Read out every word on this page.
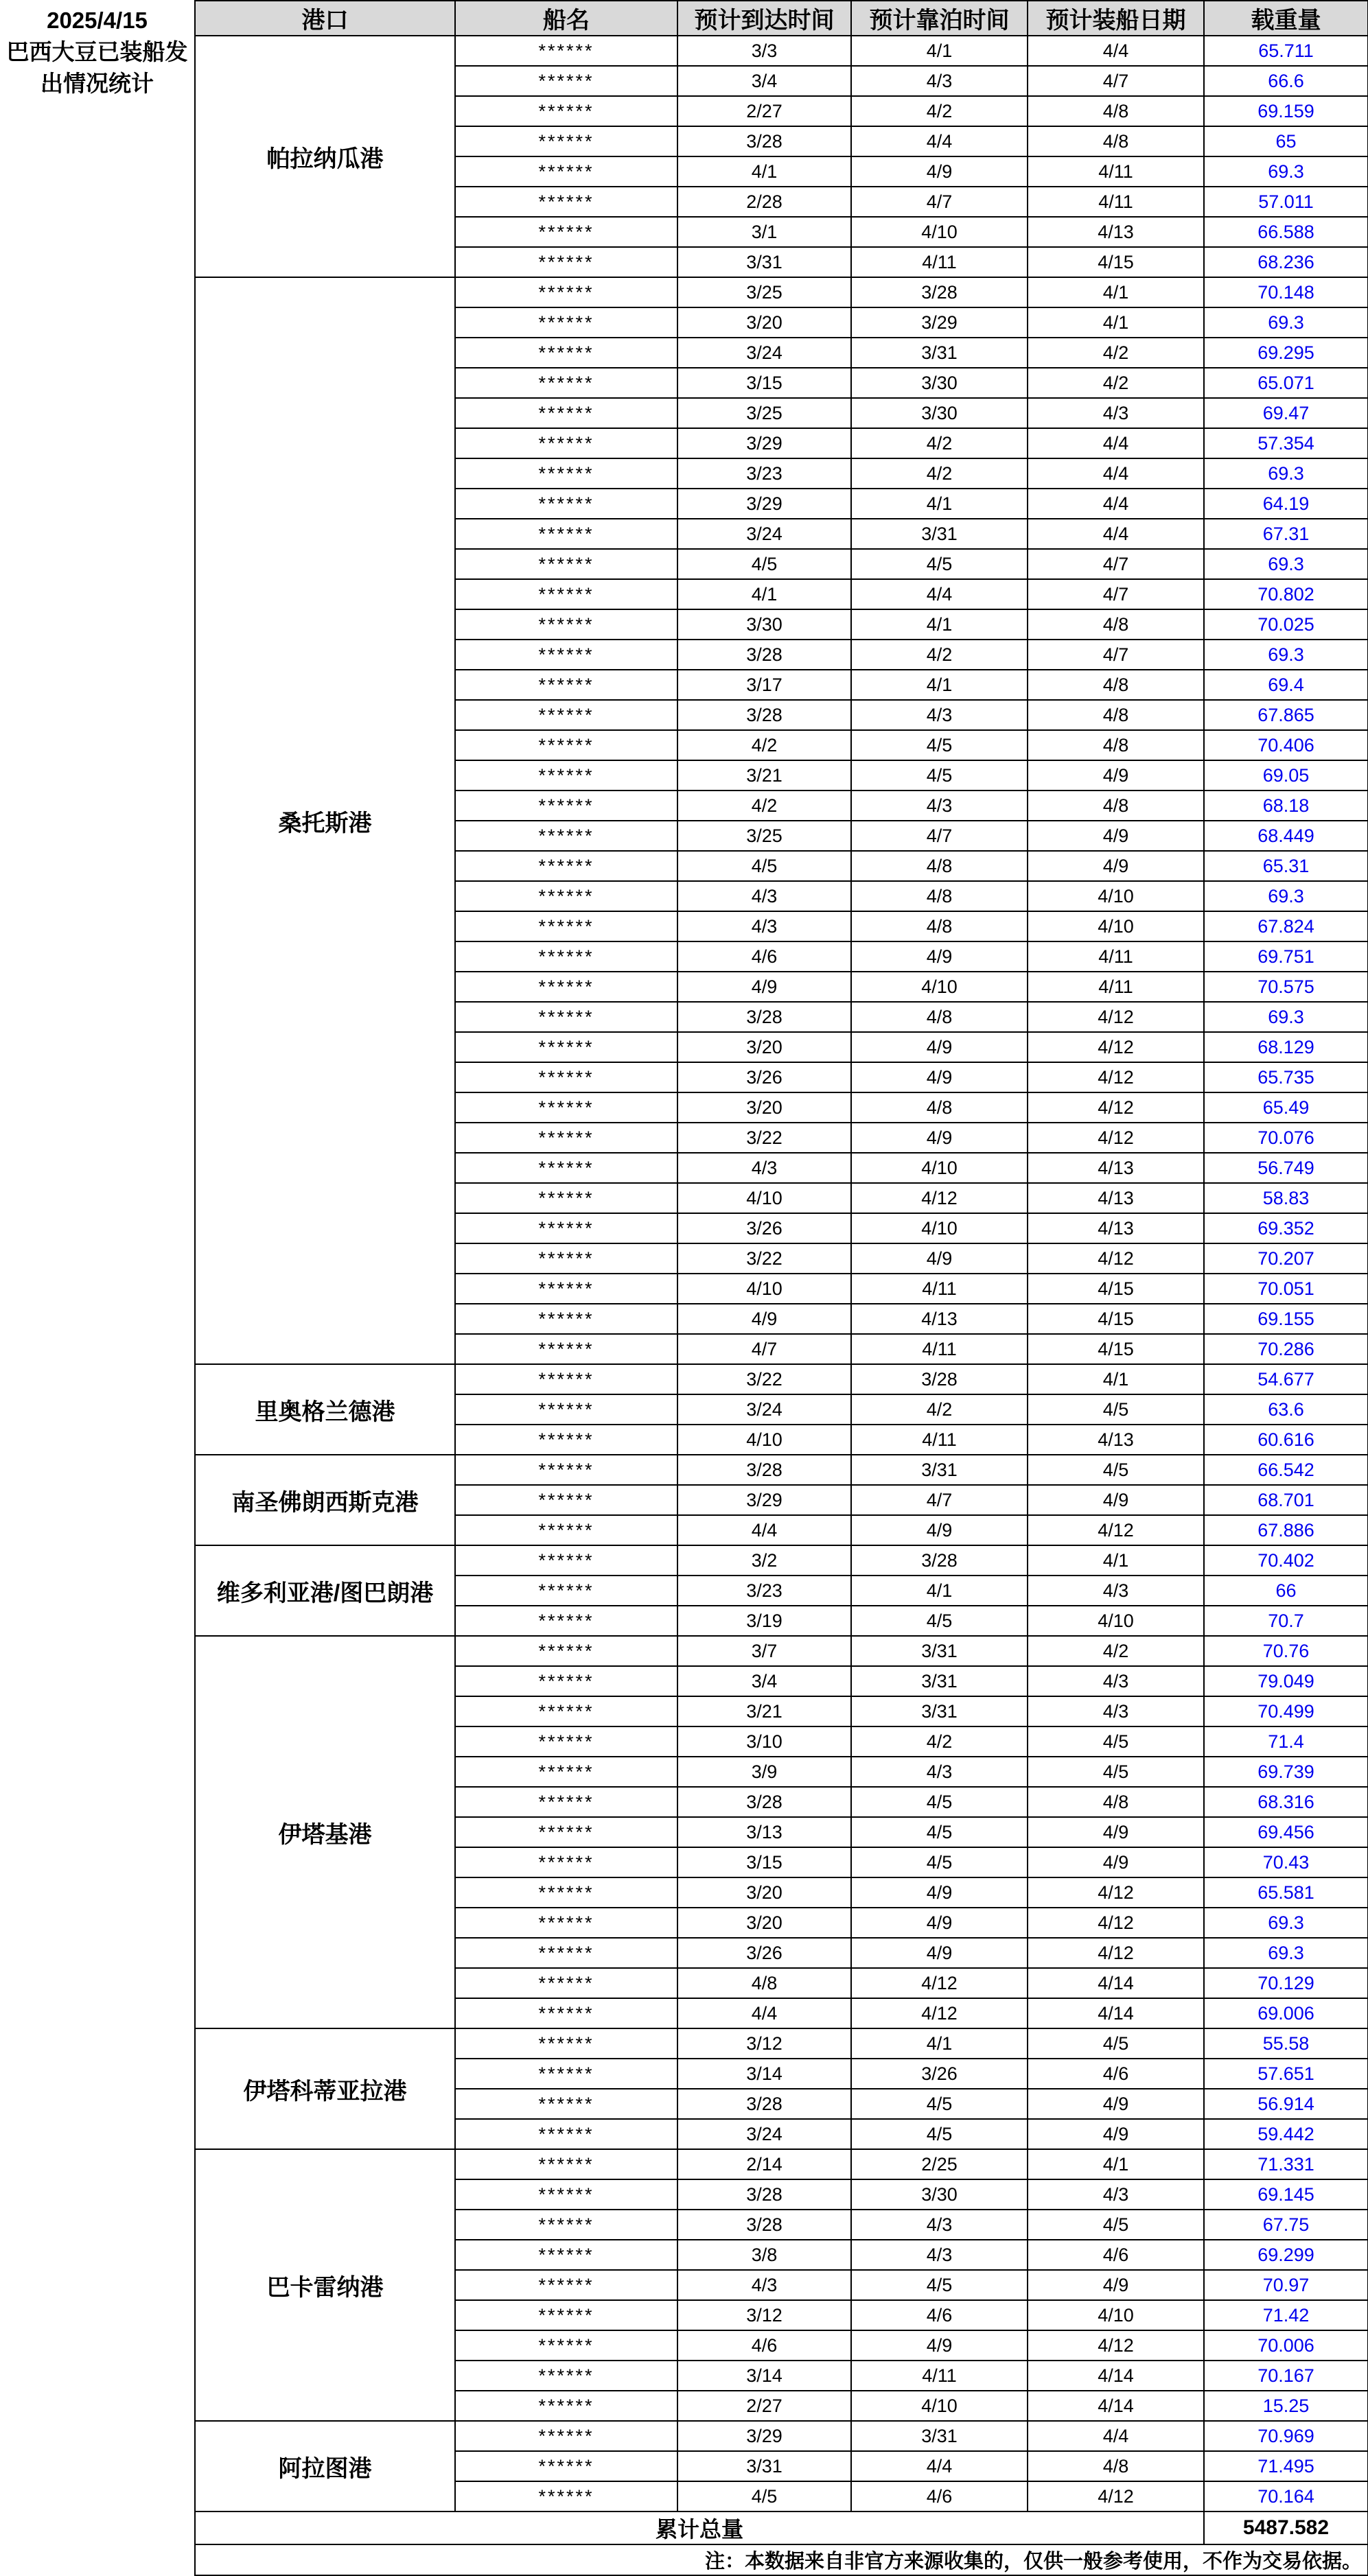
2025/4/15
巴西大豆已装船发
出情况统计	港口	船名	预计到达时间	预计靠泊时间	预计装船日期	载重量
	帕拉纳瓜港	******	3/3	4/1	4/4	65.711
		******	3/4	4/3	4/7	66.6
		******	2/27	4/2	4/8	69.159
		******	3/28	4/4	4/8	65
		******	4/1	4/9	4/11	69.3
		******	2/28	4/7	4/11	57.011
		******	3/1	4/10	4/13	66.588
		******	3/31	4/11	4/15	68.236
	桑托斯港	******	3/25	3/28	4/1	70.148
		******	3/20	3/29	4/1	69.3
		******	3/24	3/31	4/2	69.295
		******	3/15	3/30	4/2	65.071
		******	3/25	3/30	4/3	69.47
		******	3/29	4/2	4/4	57.354
		******	3/23	4/2	4/4	69.3
		******	3/29	4/1	4/4	64.19
		******	3/24	3/31	4/4	67.31
		******	4/5	4/5	4/7	69.3
		******	4/1	4/4	4/7	70.802
		******	3/30	4/1	4/8	70.025
		******	3/28	4/2	4/7	69.3
		******	3/17	4/1	4/8	69.4
		******	3/28	4/3	4/8	67.865
		******	4/2	4/5	4/8	70.406
		******	3/21	4/5	4/9	69.05
		******	4/2	4/3	4/8	68.18
		******	3/25	4/7	4/9	68.449
		******	4/5	4/8	4/9	65.31
		******	4/3	4/8	4/10	69.3
		******	4/3	4/8	4/10	67.824
		******	4/6	4/9	4/11	69.751
		******	4/9	4/10	4/11	70.575
		******	3/28	4/8	4/12	69.3
		******	3/20	4/9	4/12	68.129
		******	3/26	4/9	4/12	65.735
		******	3/20	4/8	4/12	65.49
		******	3/22	4/9	4/12	70.076
		******	4/3	4/10	4/13	56.749
		******	4/10	4/12	4/13	58.83
		******	3/26	4/10	4/13	69.352
		******	3/22	4/9	4/12	70.207
		******	4/10	4/11	4/15	70.051
		******	4/9	4/13	4/15	69.155
		******	4/7	4/11	4/15	70.286
	里奥格兰德港	******	3/22	3/28	4/1	54.677
		******	3/24	4/2	4/5	63.6
		******	4/10	4/11	4/13	60.616
	南圣佛朗西斯克港	******	3/28	3/31	4/5	66.542
		******	3/29	4/7	4/9	68.701
		******	4/4	4/9	4/12	67.886
	维多利亚港/图巴朗港	******	3/2	3/28	4/1	70.402
		******	3/23	4/1	4/3	66
		******	3/19	4/5	4/10	70.7
	伊塔基港	******	3/7	3/31	4/2	70.76
		******	3/4	3/31	4/3	79.049
		******	3/21	3/31	4/3	70.499
		******	3/10	4/2	4/5	71.4
		******	3/9	4/3	4/5	69.739
		******	3/28	4/5	4/8	68.316
		******	3/13	4/5	4/9	69.456
		******	3/15	4/5	4/9	70.43
		******	3/20	4/9	4/12	65.581
		******	3/20	4/9	4/12	69.3
		******	3/26	4/9	4/12	69.3
		******	4/8	4/12	4/14	70.129
		******	4/4	4/12	4/14	69.006
	伊塔科蒂亚拉港	******	3/12	4/1	4/5	55.58
		******	3/14	3/26	4/6	57.651
		******	3/28	4/5	4/9	56.914
		******	3/24	4/5	4/9	59.442
	巴卡雷纳港	******	2/14	2/25	4/1	71.331
		******	3/28	3/30	4/3	69.145
		******	3/28	4/3	4/5	67.75
		******	3/8	4/3	4/6	69.299
		******	4/3	4/5	4/9	70.97
		******	3/12	4/6	4/10	71.42
		******	4/6	4/9	4/12	70.006
		******	3/14	4/11	4/14	70.167
		******	2/27	4/10	4/14	15.25
	阿拉图港	******	3/29	3/31	4/4	70.969
		******	3/31	4/4	4/8	71.495
		******	4/5	4/6	4/12	70.164
	累计总量					5487.582
	注：本数据来自非官方来源收集的，仅供一般参考使用，不作为交易依据。					
